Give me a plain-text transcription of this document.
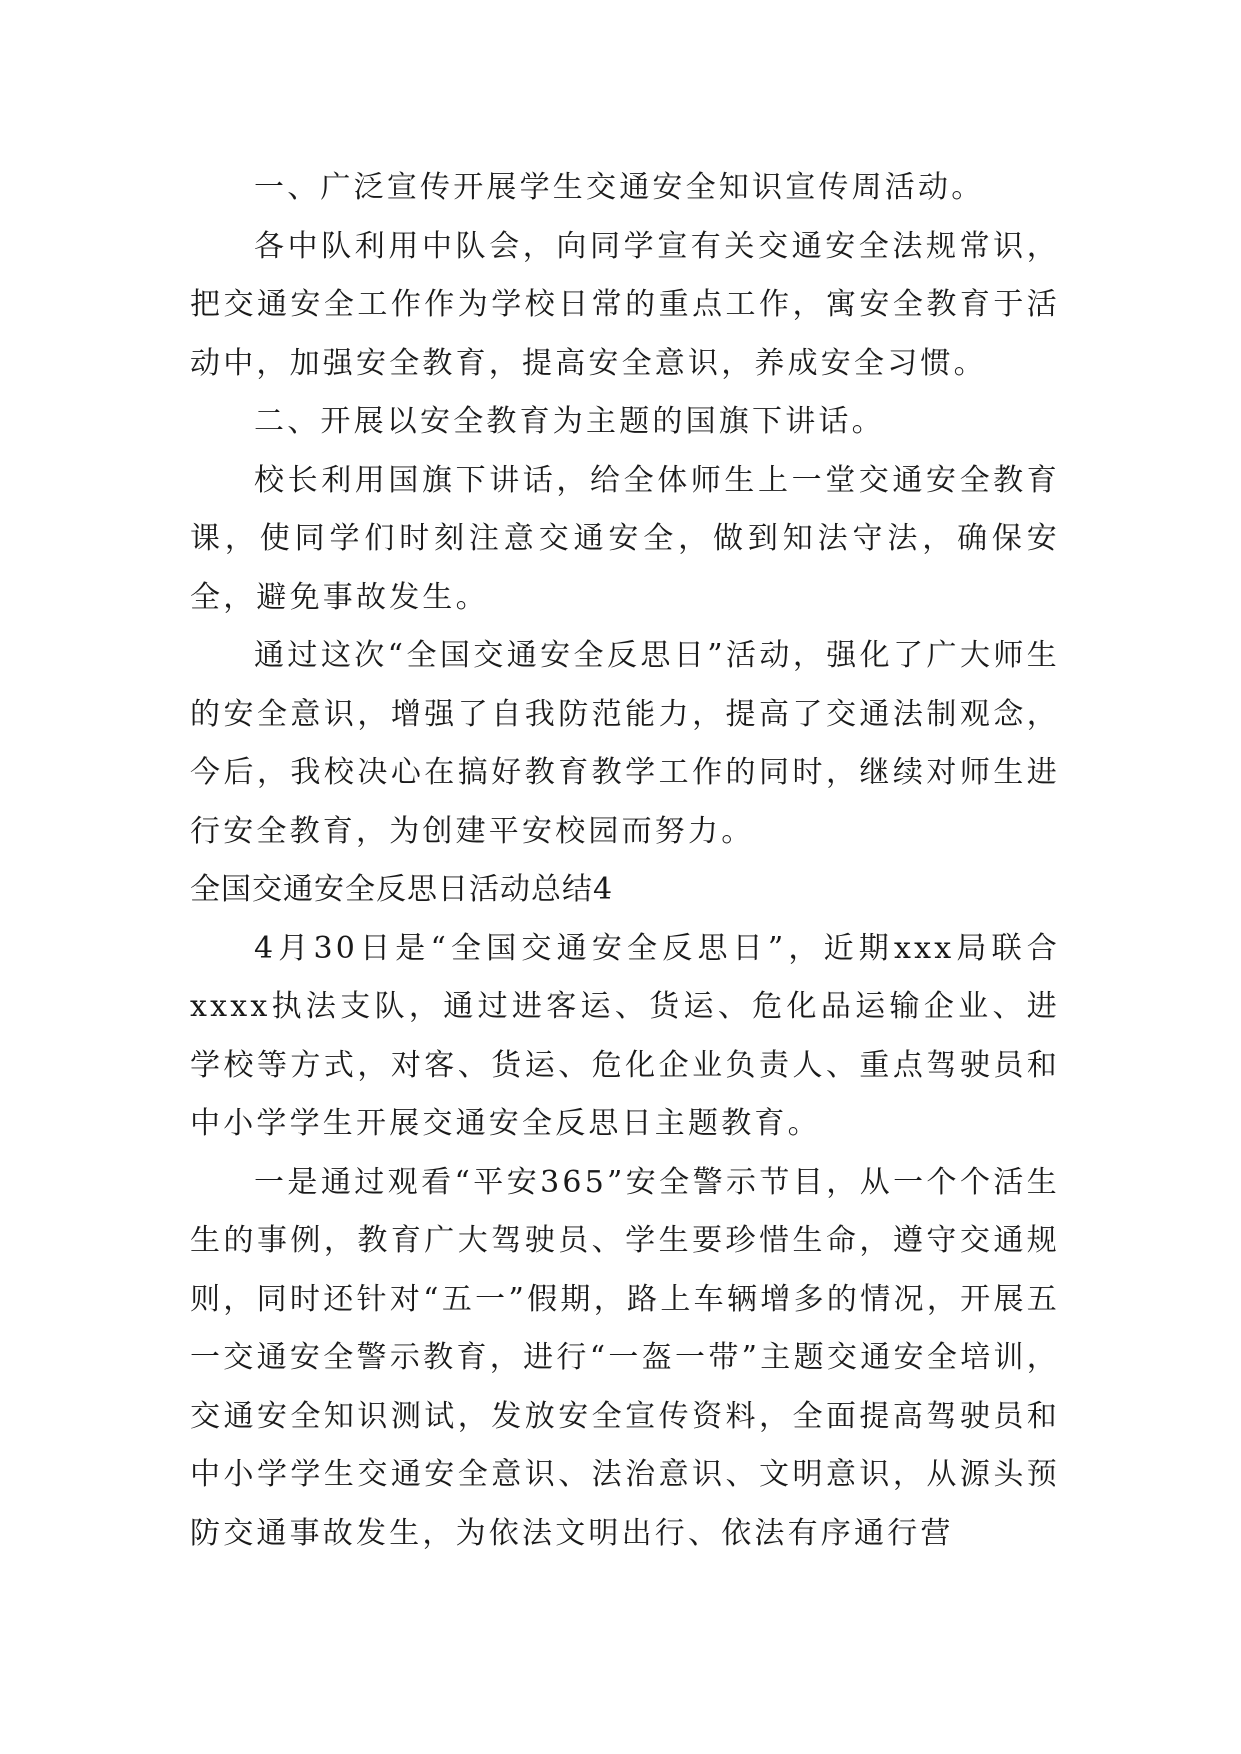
一、广泛宣传开展学生交通安全知识宣传周活动。

各中队利用中队会，向同学宣有关交通安全法规常识，把交通安全工作作为学校日常的重点工作，寓安全教育于活动中，加强安全教育，提高安全意识，养成安全习惯。

二、开展以安全教育为主题的国旗下讲话。

校长利用国旗下讲话，给全体师生上一堂交通安全教育课，使同学们时刻注意交通安全，做到知法守法，确保安全，避免事故发生。

通过这次“全国交通安全反思日”活动，强化了广大师生的安全意识，增强了自我防范能力，提高了交通法制观念，今后，我校决心在搞好教育教学工作的同时，继续对师生进行安全教育，为创建平安校园而努力。

全国交通安全反思日活动总结4

4月30日是“全国交通安全反思日”，近期xxx局联合xxxx执法支队，通过进客运、货运、危化品运输企业、进学校等方式，对客、货运、危化企业负责人、重点驾驶员和中小学学生开展交通安全反思日主题教育。

一是通过观看“平安365”安全警示节目，从一个个活生生的事例，教育广大驾驶员、学生要珍惜生命，遵守交通规则，同时还针对“五一”假期，路上车辆增多的情况，开展五一交通安全警示教育，进行“一盔一带”主题交通安全培训，交通安全知识测试，发放安全宣传资料，全面提高驾驶员和中小学学生交通安全意识、法治意识、文明意识，从源头预防交通事故发生，为依法文明出行、依法有序通行营
